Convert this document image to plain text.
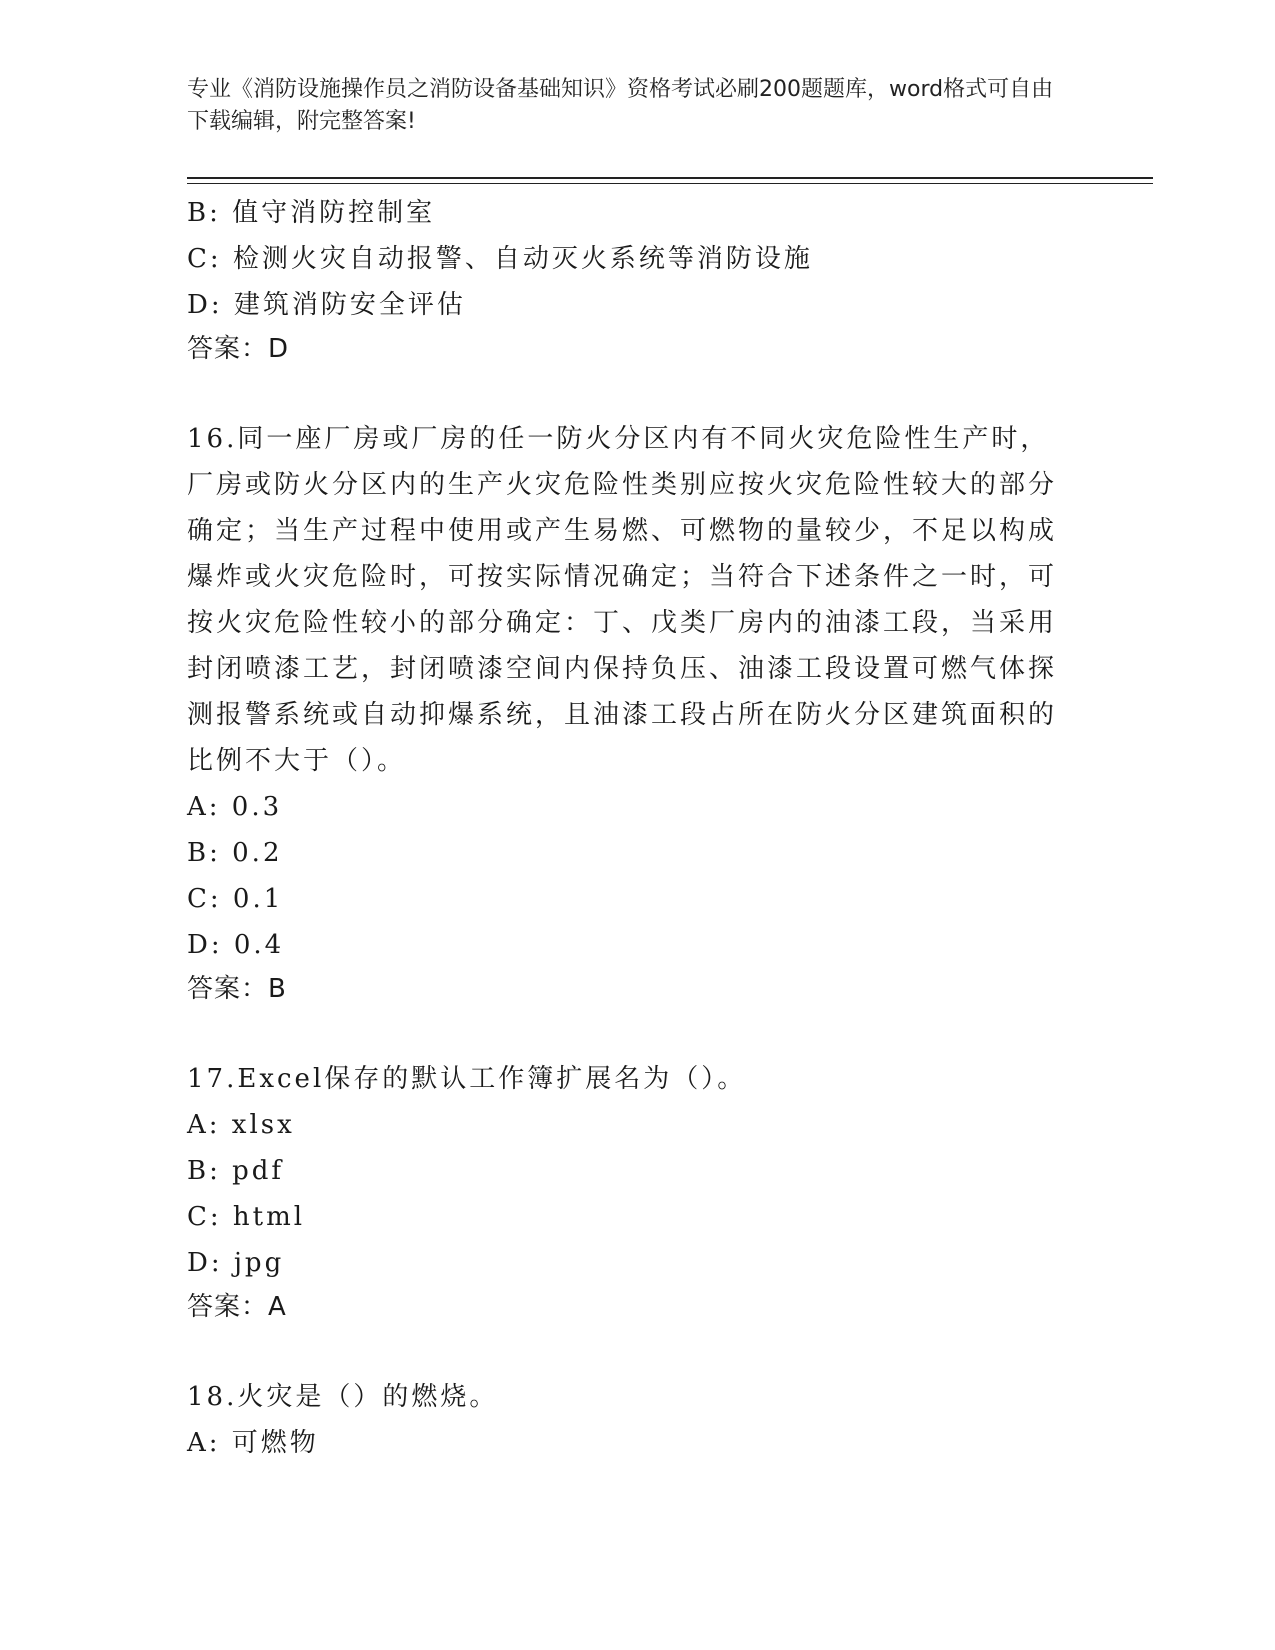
专业《消防设施操作员之消防设备基础知识》资格考试必刷200题题库，word格式可自由下载编辑，附完整答案!
B: 值守消防控制室
C: 检测火灾自动报警、自动灭火系统等消防设施
D: 建筑消防安全评估
答案：D
16.同一座厂房或厂房的任一防火分区内有不同火灾危险性生产时，厂房或防火分区内的生产火灾危险性类别应按火灾危险性较大的部分确定；当生产过程中使用或产生易燃、可燃物的量较少，不足以构成爆炸或火灾危险时，可按实际情况确定；当符合下述条件之一时，可按火灾危险性较小的部分确定：丁、戊类厂房内的油漆工段，当采用封闭喷漆工艺，封闭喷漆空间内保持负压、油漆工段设置可燃气体探测报警系统或自动抑爆系统，且油漆工段占所在防火分区建筑面积的比例不大于（）。
A: 0.3
B: 0.2
C: 0.1
D: 0.4
答案：B
17.Excel保存的默认工作簿扩展名为（）。
A: xlsx
B: pdf
C: html
D: jpg
答案：A
18.火灾是（）的燃烧。
A: 可燃物
